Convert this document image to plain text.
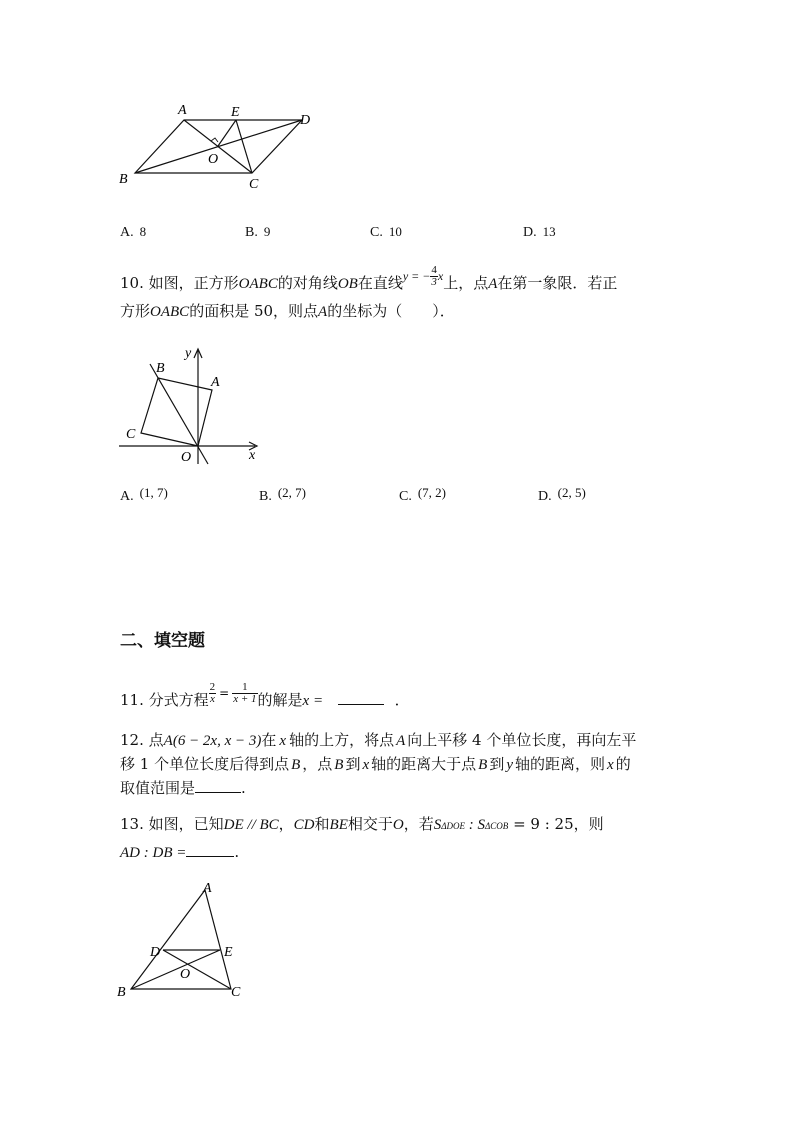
A	E
D
O
B	C
A. 8	B. 9	C. 10	D. 13
10. 如图，正方形OABC的对角线OB在直线$^{y = -} \frac{4}{3} ^x$上，点A在第一象限．若正
方形OABC的面积是 50，则点A的坐标为（　　）．
y
B
A
C
O	x
A. (1, 7)	B. (2, 7)	C. (7, 2)	D. (2, 5)
二、填空题
11. 分式方程 $\frac{2}{x} ^= \frac{1}{x + 1}$ 的解是x =	．
12. 点A(6 − 2x, x − 3)在 x 轴的上方，将点 A 向上平移 4 个单位长度，再向左平
移 1 个单位长度后得到点 B ，点 B 到 x 轴的距离大于点 B 到 y 轴的距离，则 x 的
取值范围是	.
13. 如图，已知DE // BC，CD和BE相交于O，若SΔDOE : SΔCOB = 9 : 25，则
AD : DB =	.
A
D	E
O
B	C
